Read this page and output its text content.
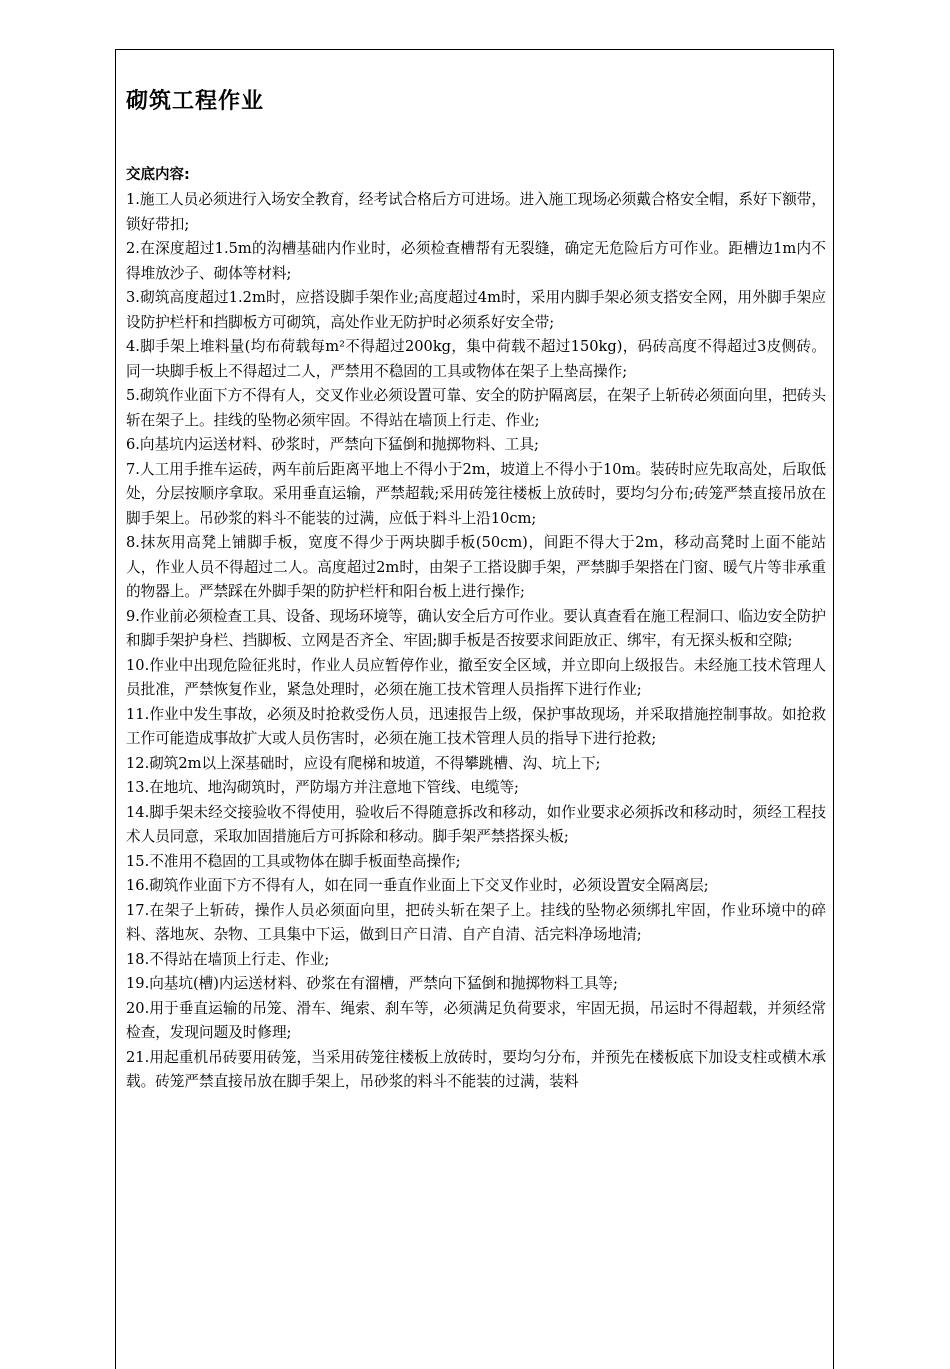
砌筑工程作业
交底内容:
1.施工人员必须进行入场安全教育，经考试合格后方可进场。进入施工现场必须戴合格安全帽，系好下额带，锁好带扣;
2.在深度超过1.5m的沟槽基础内作业时，必须检查槽帮有无裂缝，确定无危险后方可作业。距槽边1m内不得堆放沙子、砌体等材料;
3.砌筑高度超过1.2m时，应搭设脚手架作业;高度超过4m时，采用内脚手架必须支搭安全网，用外脚手架应设防护栏杆和挡脚板方可砌筑，高处作业无防护时必须系好安全带;
4.脚手架上堆料量(均布荷载每m²不得超过200kg，集中荷载不超过150kg)，码砖高度不得超过3皮侧砖。同一块脚手板上不得超过二人，严禁用不稳固的工具或物体在架子上垫高操作;
5.砌筑作业面下方不得有人，交叉作业必须设置可靠、安全的防护隔离层，在架子上斩砖必须面向里，把砖头斩在架子上。挂线的坠物必须牢固。不得站在墙顶上行走、作业;
6.向基坑内运送材料、砂浆时，严禁向下猛倒和抛掷物料、工具;
7.人工用手推车运砖，两车前后距离平地上不得小于2m，坡道上不得小于10m。装砖时应先取高处，后取低处，分层按顺序拿取。采用垂直运输，严禁超载;采用砖笼往楼板上放砖时，要均匀分布;砖笼严禁直接吊放在脚手架上。吊砂浆的料斗不能装的过满，应低于料斗上沿10cm;
8.抹灰用高凳上铺脚手板，宽度不得少于两块脚手板(50cm)，间距不得大于2m，移动高凳时上面不能站人，作业人员不得超过二人。高度超过2m时，由架子工搭设脚手架，严禁脚手架搭在门窗、暖气片等非承重的物器上。严禁踩在外脚手架的防护栏杆和阳台板上进行操作;
9.作业前必须检查工具、设备、现场环境等，确认安全后方可作业。要认真查看在施工程洞口、临边安全防护和脚手架护身栏、挡脚板、立网是否齐全、牢固;脚手板是否按要求间距放正、绑牢，有无探头板和空隙;
10.作业中出现危险征兆时，作业人员应暂停作业，撤至安全区域，并立即向上级报告。未经施工技术管理人员批准，严禁恢复作业，紧急处理时，必须在施工技术管理人员指挥下进行作业;
11.作业中发生事故，必须及时抢救受伤人员，迅速报告上级，保护事故现场，并采取措施控制事故。如抢救工作可能造成事故扩大或人员伤害时，必须在施工技术管理人员的指导下进行抢救;
12.砌筑2m以上深基础时，应设有爬梯和坡道，不得攀跳槽、沟、坑上下;
13.在地坑、地沟砌筑时，严防塌方并注意地下管线、电缆等;
14.脚手架未经交接验收不得使用，验收后不得随意拆改和移动，如作业要求必须拆改和移动时，须经工程技术人员同意，采取加固措施后方可拆除和移动。脚手架严禁搭探头板;
15.不准用不稳固的工具或物体在脚手板面垫高操作;
16.砌筑作业面下方不得有人，如在同一垂直作业面上下交叉作业时，必须设置安全隔离层;
17.在架子上斩砖，操作人员必须面向里，把砖头斩在架子上。挂线的坠物必须绑扎牢固，作业环境中的碎料、落地灰、杂物、工具集中下运，做到日产日清、自产自清、活完料净场地清;
18.不得站在墙顶上行走、作业;
19.向基坑(槽)内运送材料、砂浆在有溜槽，严禁向下猛倒和抛掷物料工具等;
20.用于垂直运输的吊笼、滑车、绳索、刹车等，必须满足负荷要求，牢固无损，吊运时不得超载，并须经常检查，发现问题及时修理;
21.用起重机吊砖要用砖笼，当采用砖笼往楼板上放砖时，要均匀分布，并预先在楼板底下加设支柱或横木承载。砖笼严禁直接吊放在脚手架上，吊砂浆的料斗不能装的过满，装料
